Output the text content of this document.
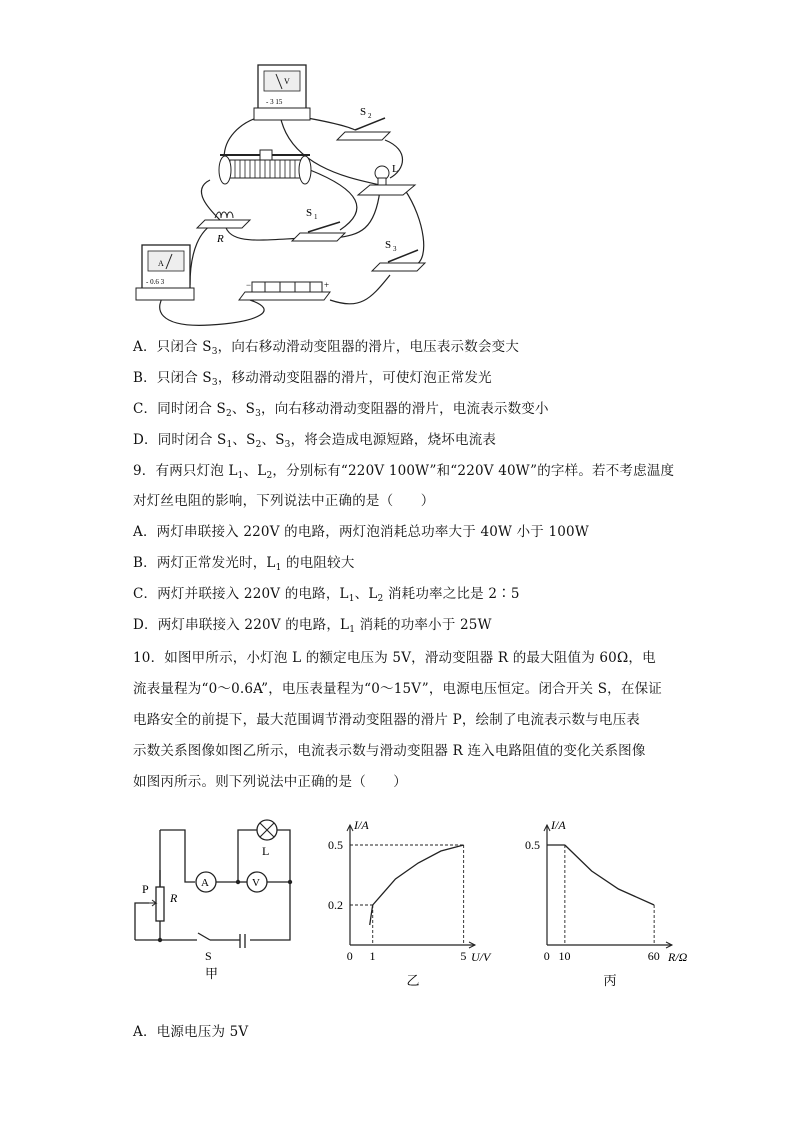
V
- 3 15
S 2
L
R
S 1
S 3
A
- 0.6 3	−	+
A．只闭合 $S_3$，向右移动滑动变阻器的滑片，电压表示数会变大
B．只闭合 $S_3$，移动滑动变阻器的滑片，可使灯泡正常发光
C．同时闭合 $S_2$、$S_3$，向右移动滑动变阻器的滑片，电流表示数变小
D．同时闭合 $S_1$、$S_2$、$S_3$，将会造成电源短路，烧坏电流表
9．有两只灯泡 $L_1$、$L_2$，分别标有“220V 100W”和“220V 40W”的字样。若不考虑温度
对灯丝电阻的影响，下列说法中正确的是（　　）
A．两灯串联接入 220V 的电路，两灯泡消耗总功率大于 40W 小于 100W
B．两灯正常发光时，$L_1$ 的电阻较大
C．两灯并联接入 220V 的电路，$L_1$、$L_2$ 消耗功率之比是 2∶5
D．两灯串联接入 220V 的电路，$L_1$ 消耗的功率小于 25W
10．如图甲所示，小灯泡 L 的额定电压为 5V，滑动变阻器 R 的最大阻值为 60Ω，电
流表量程为“0～0.6A”，电压表量程为“0～15V”，电源电压恒定。闭合开关 S，在保证
电路安全的前提下，最大范围调节滑动变阻器的滑片 P，绘制了电流表示数与电压表
示数关系图像如图乙所示，电流表示数与滑动变阻器 R 连入电路阻值的变化关系图像
如图丙所示。则下列说法中正确的是（　　）
A	V
L
P
R
S
甲
I/A
U/V
0 1	5
0.2
0.5
乙
I/A
R/Ω
0 10	60
0.5
丙
A．电源电压为 5V
